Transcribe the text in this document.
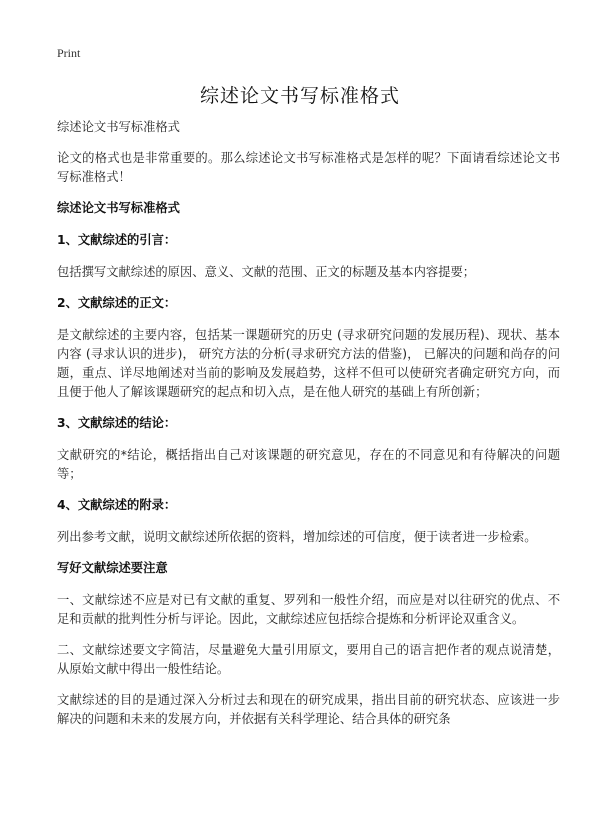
Print
综述论文书写标准格式

综述论文书写标准格式

论文的格式也是非常重要的。那么综述论文书写标准格式是怎样的呢？下面请看综述论文书写标准格式！

综述论文书写标准格式

1、文献综述的引言：

包括撰写文献综述的原因、意义、文献的范围、正文的标题及基本内容提要；

2、文献综述的正文：

是文献综述的主要内容，包括某一课题研究的历史 (寻求研究问题的发展历程)、现状、基本内容 (寻求认识的进步)， 研究方法的分析(寻求研究方法的借鉴)， 已解决的问题和尚存的问题，重点、详尽地阐述对当前的影响及发展趋势，这样不但可以使研究者确定研究方向，而且便于他人了解该课题研究的起点和切入点，是在他人研究的基础上有所创新；

3、文献综述的结论：

文献研究的*结论，概括指出自己对该课题的研究意见，存在的不同意见和有待解决的问题等；

4、文献综述的附录：

列出参考文献，说明文献综述所依据的资料，增加综述的可信度，便于读者进一步检索。

写好文献综述要注意

一、文献综述不应是对已有文献的重复、罗列和一般性介绍，而应是对以往研究的优点、不足和贡献的批判性分析与评论。因此，文献综述应包括综合提炼和分析评论双重含义。

二、文献综述要文字简洁，尽量避免大量引用原文，要用自己的语言把作者的观点说清楚，从原始文献中得出一般性结论。

文献综述的目的是通过深入分析过去和现在的研究成果，指出目前的研究状态、应该进一步解决的问题和未来的发展方向，并依据有关科学理论、结合具体的研究条
